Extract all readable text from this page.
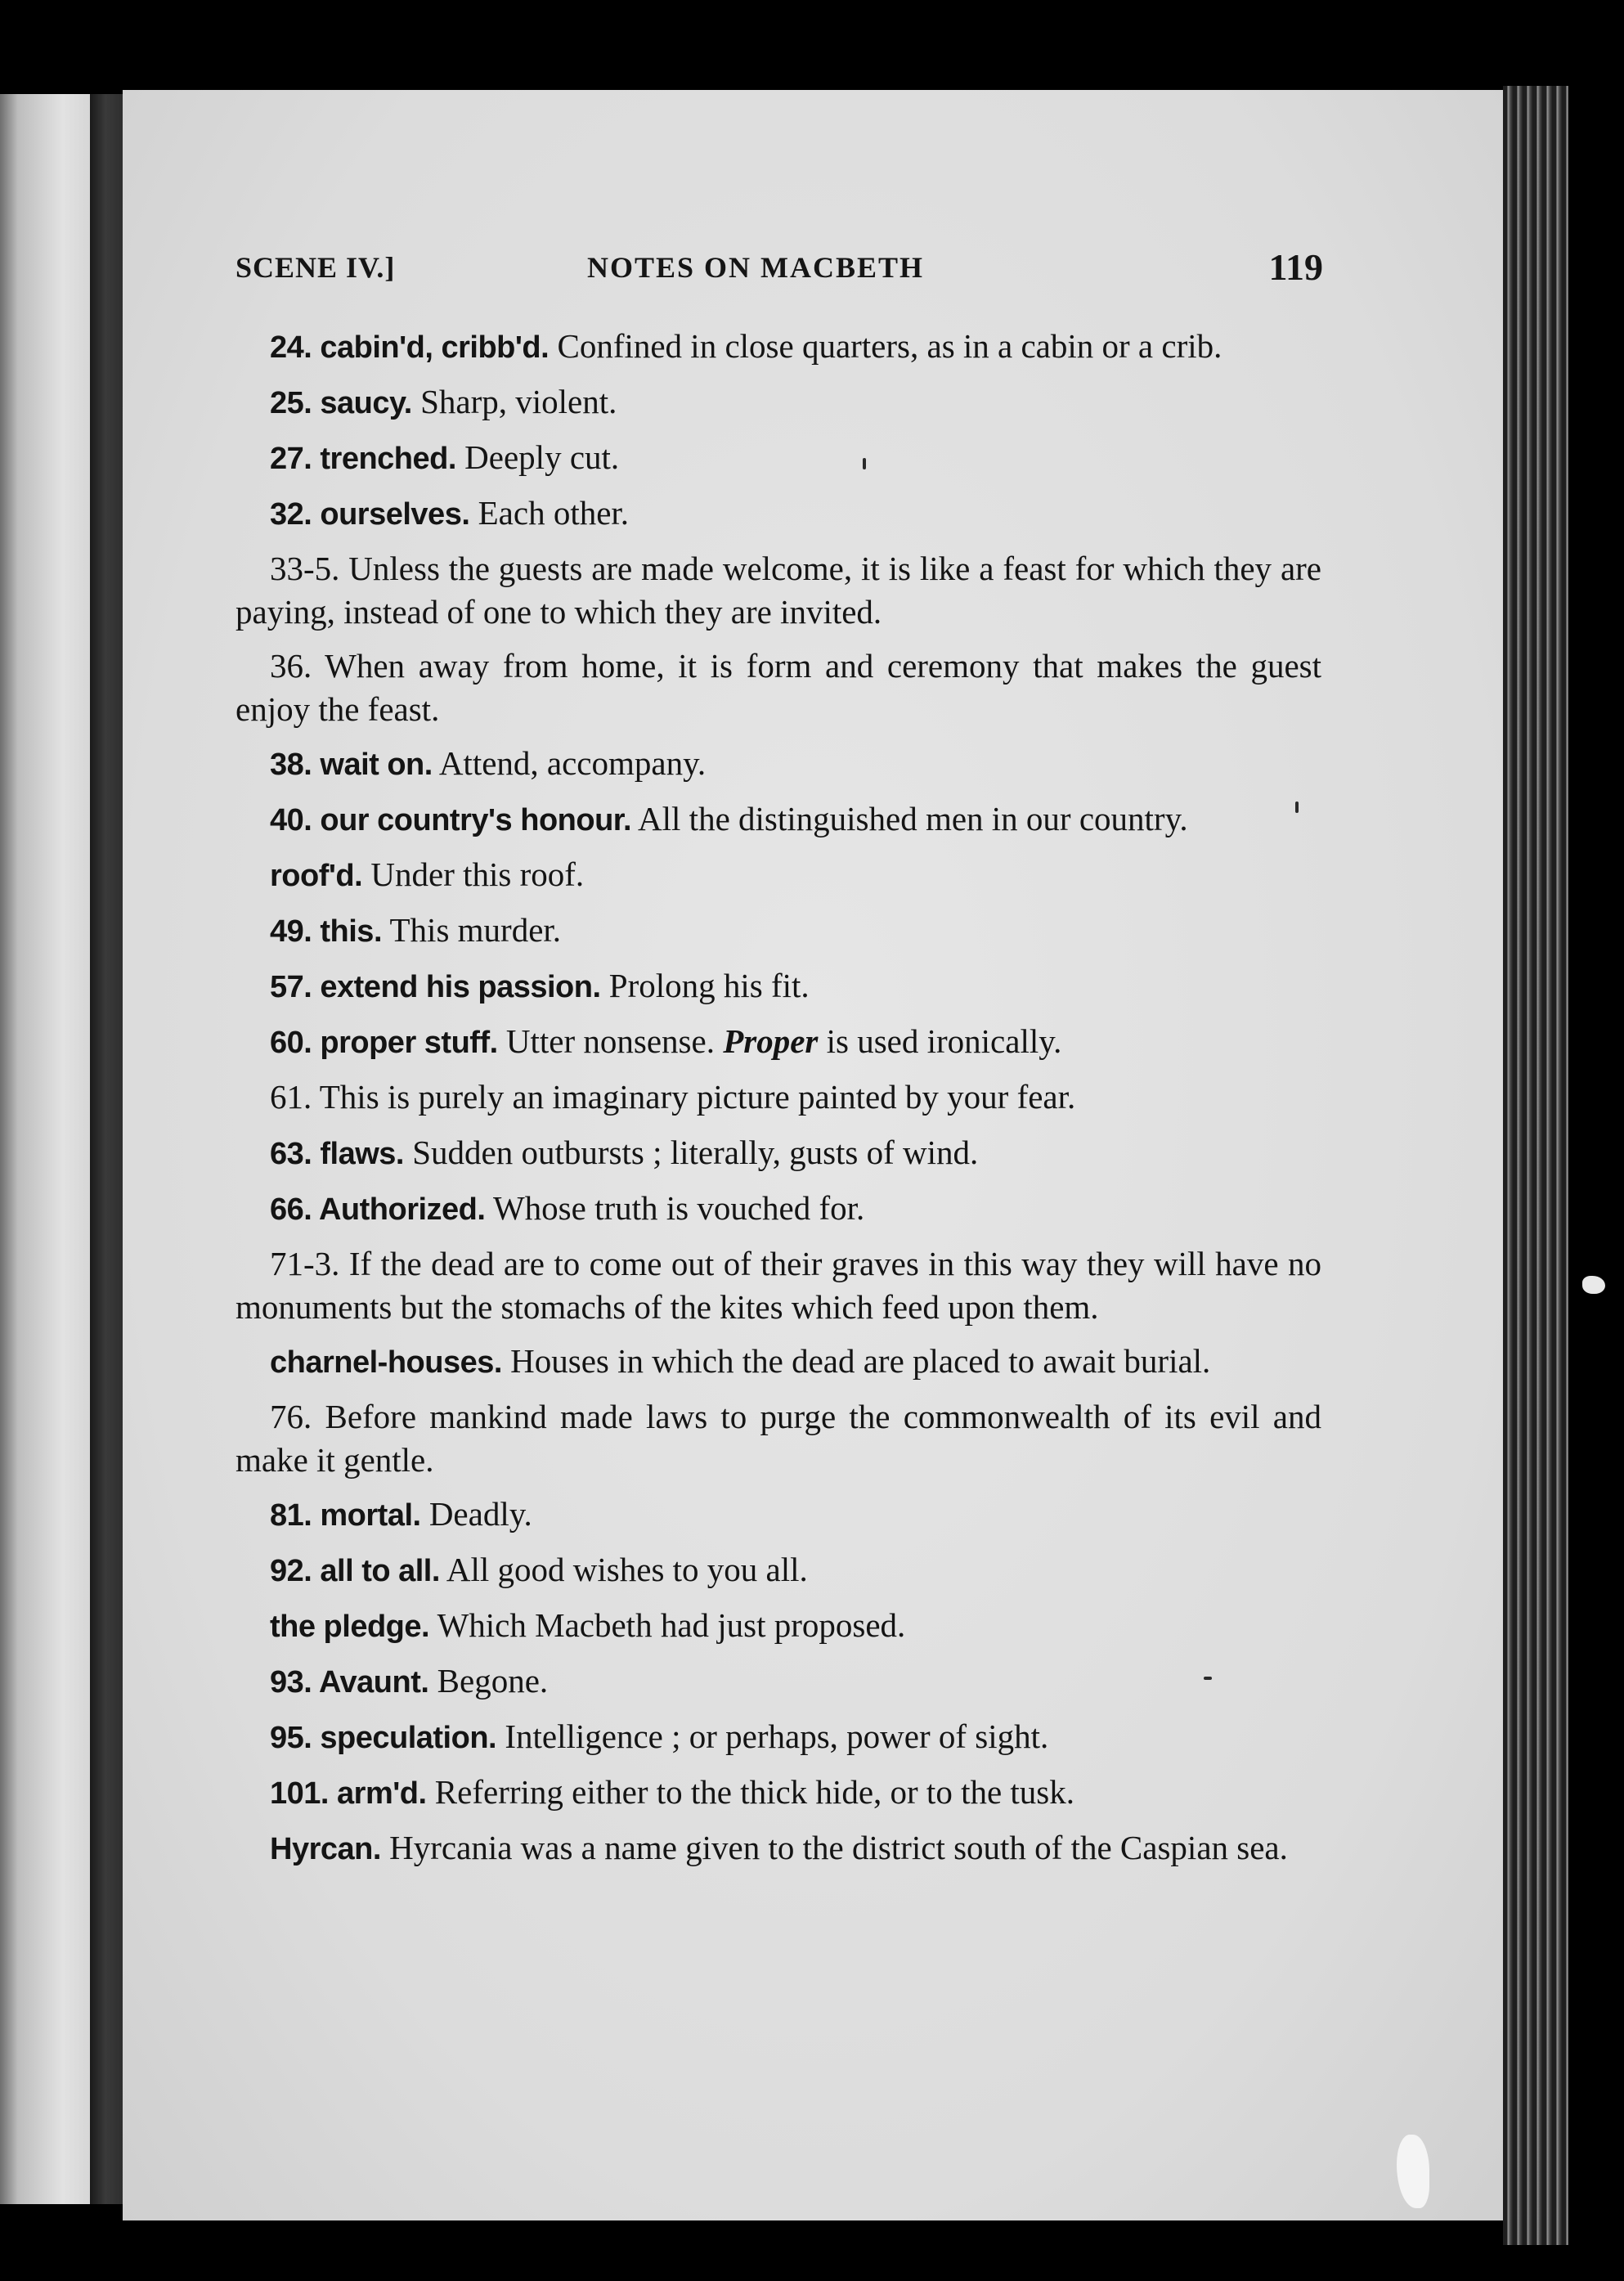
SCENE IV.]	NOTES ON MACBETH	119

24. cabin'd, cribb'd. Confined in close quarters, as in a cabin or a crib.

25. saucy. Sharp, violent.

27. trenched. Deeply cut.

32. ourselves. Each other.

33-5. Unless the guests are made welcome, it is like a feast for which they are paying, instead of one to which they are invited.

36. When away from home, it is form and ceremony that makes the guest enjoy the feast.

38. wait on. Attend, accompany.

40. our country's honour. All the distinguished men in our country.

roof'd. Under this roof.

49. this. This murder.

57. extend his passion. Prolong his fit.

60. proper stuff. Utter nonsense. Proper is used ironically.

61. This is purely an imaginary picture painted by your fear.

63. flaws. Sudden outbursts ; literally, gusts of wind.

66. Authorized. Whose truth is vouched for.

71-3. If the dead are to come out of their graves in this way they will have no monuments but the stomachs of the kites which feed upon them.

charnel-houses. Houses in which the dead are placed to await burial.

76. Before mankind made laws to purge the commonwealth of its evil and make it gentle.

81. mortal. Deadly.

92. all to all. All good wishes to you all.

the pledge. Which Macbeth had just proposed.

93. Avaunt. Begone.

95. speculation. Intelligence ; or perhaps, power of sight.

101. arm'd. Referring either to the thick hide, or to the tusk.

Hyrcan. Hyrcania was a name given to the district south of the Caspian sea.
